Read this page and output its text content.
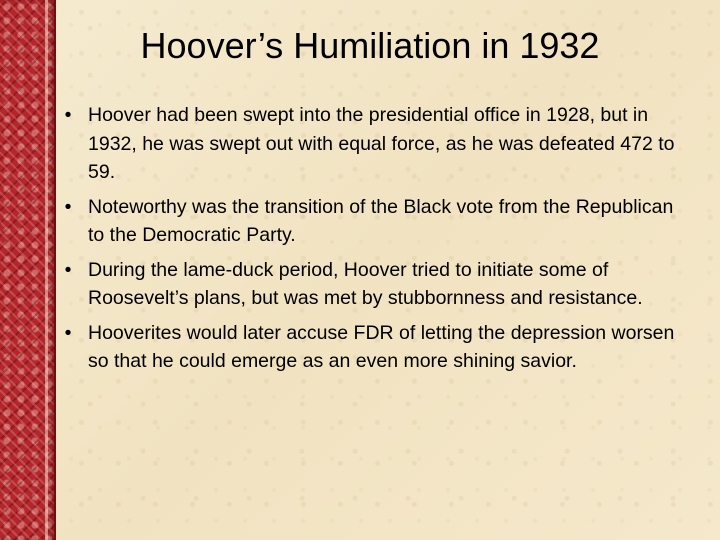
Hoover’s Humiliation in 1932
• Hoover had been swept into the presidential office in 1928, but in 1932, he was swept out with equal force, as he was defeated 472 to 59.
• Noteworthy was the transition of the Black vote from the Republican to the Democratic Party.
• During the lame-duck period, Hoover tried to initiate some of Roosevelt’s plans, but was met by stubbornness and resistance.
• Hooverites would later accuse FDR of letting the depression worsen so that he could emerge as an even more shining savior.
